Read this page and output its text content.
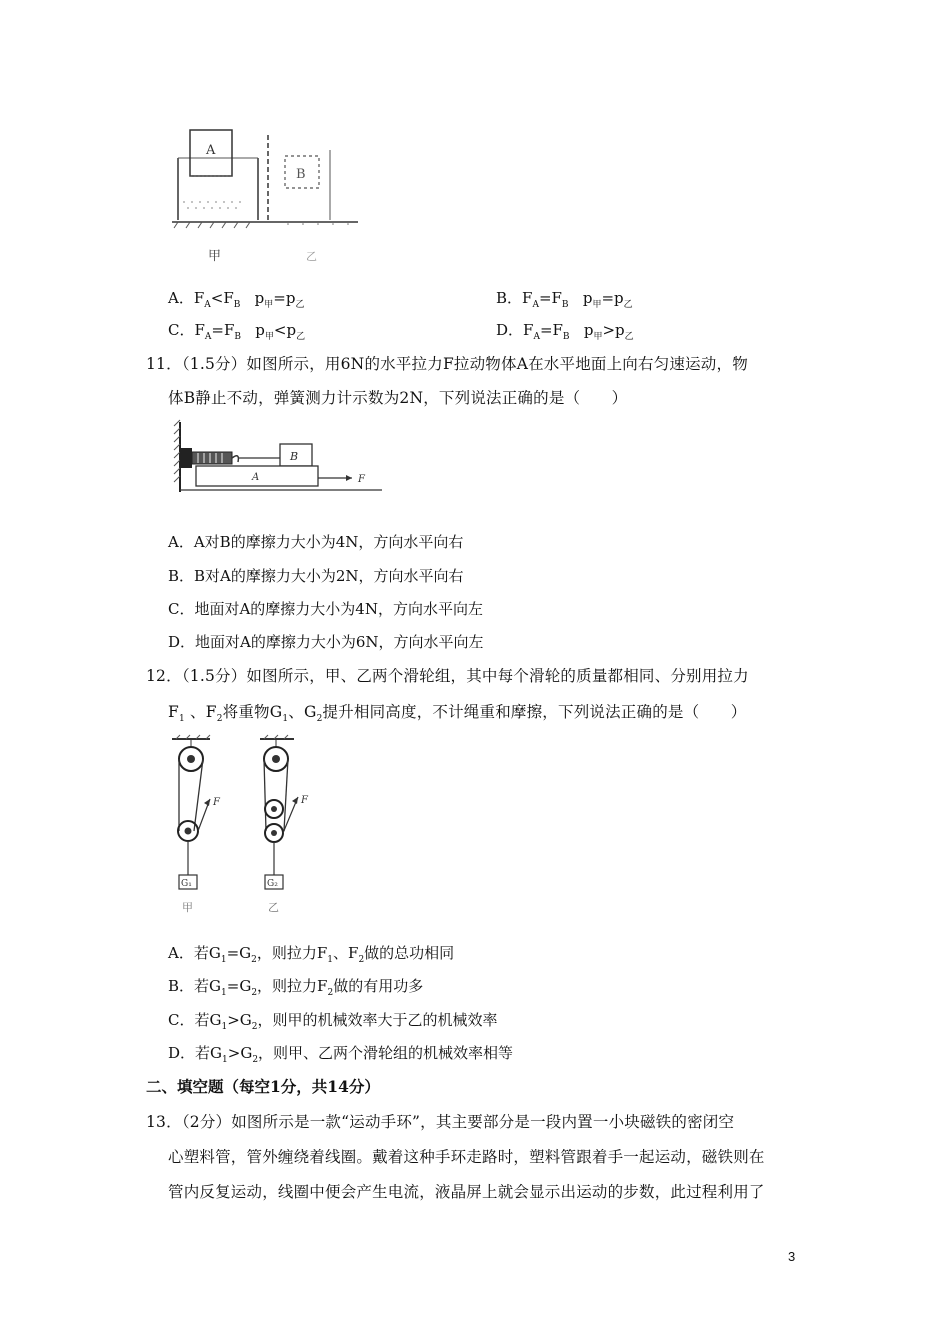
A
B
甲	乙
A．$F_A<F_B$   $p_甲=p_乙$	B．$F_A=F_B$   $p_甲=p_乙$
C．$F_A=F_B$   $p_甲<p_乙$	D．$F_A=F_B$   $p_甲>p_乙$
11．（1.5分）如图所示，用6N的水平拉力F拉动物体A在水平地面上向右匀速运动，物
体B静止不动，弹簧测力计示数为2N，下列说法正确的是（　　）
B
A	F
A．A对B的摩擦力大小为4N，方向水平向右
B．B对A的摩擦力大小为2N，方向水平向右
C．地面对A的摩擦力大小为4N，方向水平向左
D．地面对A的摩擦力大小为6N，方向水平向左
12．（1.5分）如图所示，甲、乙两个滑轮组，其中每个滑轮的质量都相同、分别用拉力
$F_1$ 、$F_2$将重物$G_1$、$G_2$提升相同高度，不计绳重和摩擦，下列说法正确的是（　　）
F
G₁
甲
F
G₂
乙
A．若$G_1=G_2$，则拉力$F_1$、$F_2$做的总功相同
B．若$G_1=G_2$，则拉力$F_2$做的有用功多
C．若$G_1>G_2$，则甲的机械效率大于乙的机械效率
D．若$G_1>G_2$，则甲、乙两个滑轮组的机械效率相等
二、填空题（每空1分，共14分）
13．（2分）如图所示是一款“运动手环”，其主要部分是一段内置一小块磁铁的密闭空
心塑料管，管外缠绕着线圈。戴着这种手环走路时，塑料管跟着手一起运动，磁铁则在
管内反复运动，线圈中便会产生电流，液晶屏上就会显示出运动的步数，此过程利用了
3
